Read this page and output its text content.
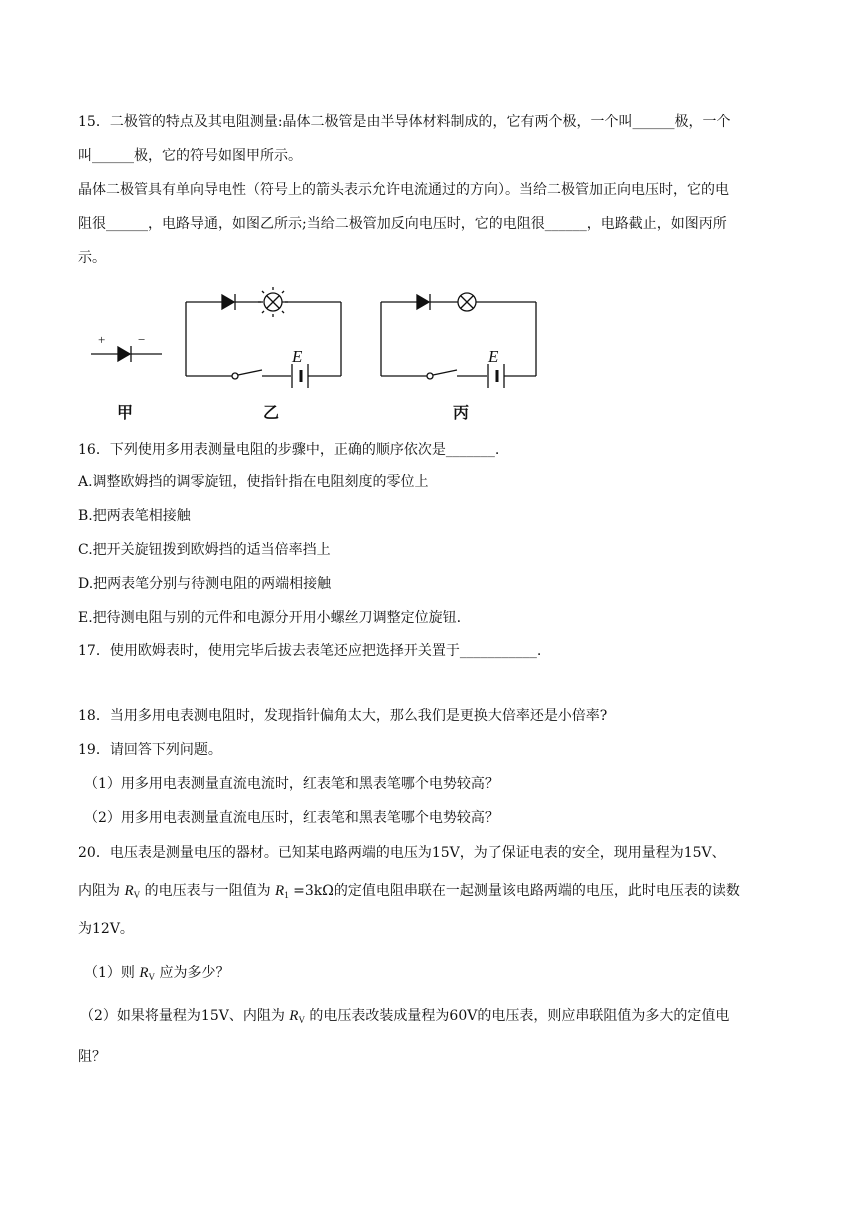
15．二极管的特点及其电阻测量:晶体二极管是由半导体材料制成的，它有两个极，一个叫______极，一个
叫______极，它的符号如图甲所示。
晶体二极管具有单向导电性（符号上的箭头表示允许电流通过的方向）。当给二极管加正向电压时，它的电
阻很______，电路导通，如图乙所示;当给二极管加反向电压时，它的电阻很______，电路截止，如图丙所
示。
+	−
E	E
甲	乙	丙
16．下列使用多用表测量电阻的步骤中，正确的顺序依次是_______.
A.调整欧姆挡的调零旋钮，使指针指在电阻刻度的零位上
B.把两表笔相接触
C.把开关旋钮拨到欧姆挡的适当倍率挡上
D.把两表笔分别与待测电阻的两端相接触
E.把待测电阻与别的元件和电源分开用小螺丝刀调整定位旋钮.
17．使用欧姆表时，使用完毕后拔去表笔还应把选择开关置于___________.
18．当用多用电表测电阻时，发现指针偏角太大，那么我们是更换大倍率还是小倍率?
19．请回答下列问题。
（1）用多用电表测量直流电流时，红表笔和黑表笔哪个电势较高？
（2）用多用电表测量直流电压时，红表笔和黑表笔哪个电势较高？
20．电压表是测量电压的器材。已知某电路两端的电压为15V，为了保证电表的安全，现用量程为15V、
内阻为 $R_V$ 的电压表与一阻值为 $R_1 =3k\Omega$的定值电阻串联在一起测量该电路两端的电压，此时电压表的读数
为12V。
（1）则 $R_V$ 应为多少？
（2）如果将量程为15V、内阻为 $R_V$ 的电压表改装成量程为60V的电压表，则应串联阻值为多大的定值电
阻？
